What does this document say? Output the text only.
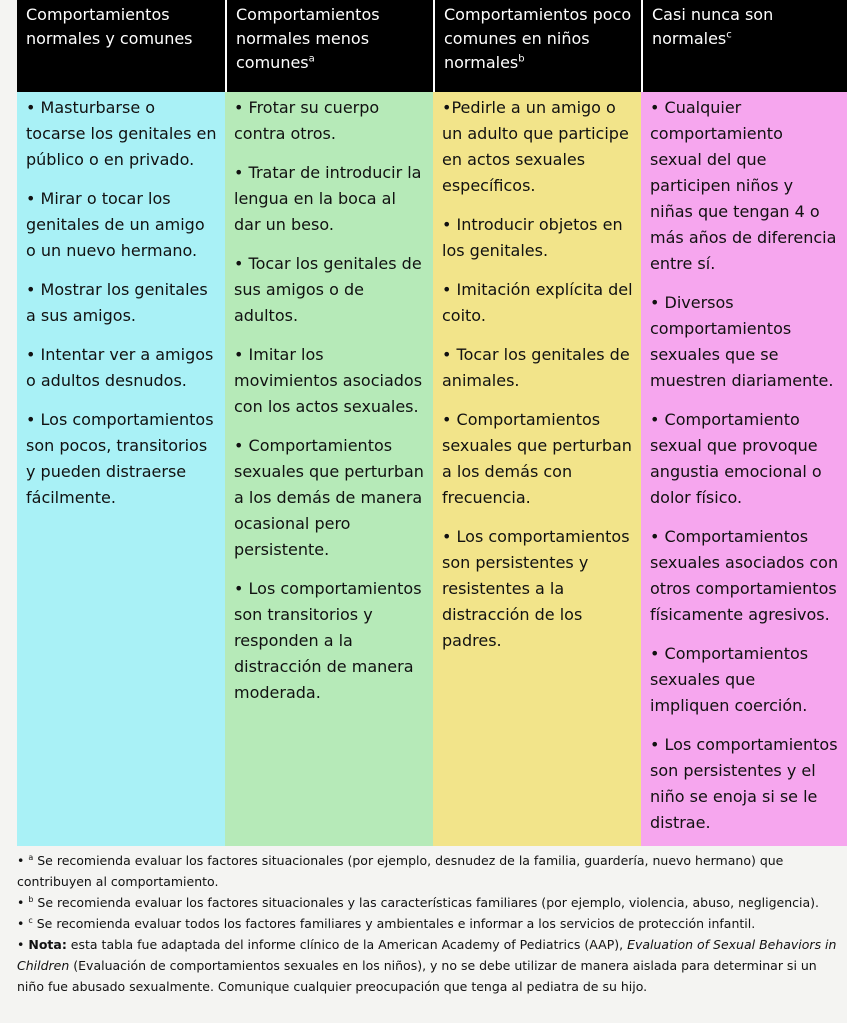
Comportamientos normales y comunes
Comportamientos normales menos comunes$^a$
Comportamientos poco comunes en niños normales$^b$
Casi nunca son normales$^c$

• Masturbarse o tocarse los genitales en público o en privado.

• Mirar o tocar los genitales de un amigo o un nuevo hermano.

• Mostrar los genitales a sus amigos.

• Intentar ver a amigos o adultos desnudos.

• Los comportamientos son pocos, transitorios y pueden distraerse fácilmente.

• Frotar su cuerpo contra otros.

• Tratar de introducir la lengua en la boca al dar un beso.

• Tocar los genitales de sus amigos o de adultos.

• Imitar los movimientos asociados con los actos sexuales.

• Comportamientos sexuales que perturban a los demás de manera ocasional pero persistente.

• Los comportamientos son transitorios y responden a la distracción de manera moderada.

•Pedirle a un amigo o un adulto que participe en actos sexuales específicos.

• Introducir objetos en los genitales.

• Imitación explícita del coito.

• Tocar los genitales de animales.

• Comportamientos sexuales que perturban a los demás con frecuencia.

• Los comportamientos son persistentes y resistentes a la distracción de los padres.

• Cualquier comportamiento sexual del que participen niños y niñas que tengan 4 o más años de diferencia entre sí.

• Diversos comportamientos sexuales que se muestren diariamente.

• Comportamiento sexual que provoque angustia emocional o dolor físico.

• Comportamientos sexuales asociados con otros comportamientos físicamente agresivos.

• Comportamientos sexuales que impliquen coerción.

• Los comportamientos son persistentes y el niño se enoja si se le distrae.

• $^a$ Se recomienda evaluar los factores situacionales (por ejemplo, desnudez de la familia, guardería, nuevo hermano) que contribuyen al comportamiento.

• $^b$ Se recomienda evaluar los factores situacionales y las características familiares (por ejemplo, violencia, abuso, negligencia).

• $^c$ Se recomienda evaluar todos los factores familiares y ambientales e informar a los servicios de protección infantil.

• Nota: esta tabla fue adaptada del informe clínico de la American Academy of Pediatrics (AAP), Evaluation of Sexual Behaviors in Children (Evaluación de comportamientos sexuales en los niños), y no se debe utilizar de manera aislada para determinar si un niño fue abusado sexualmente. Comunique cualquier preocupación que tenga al pediatra de su hijo.
